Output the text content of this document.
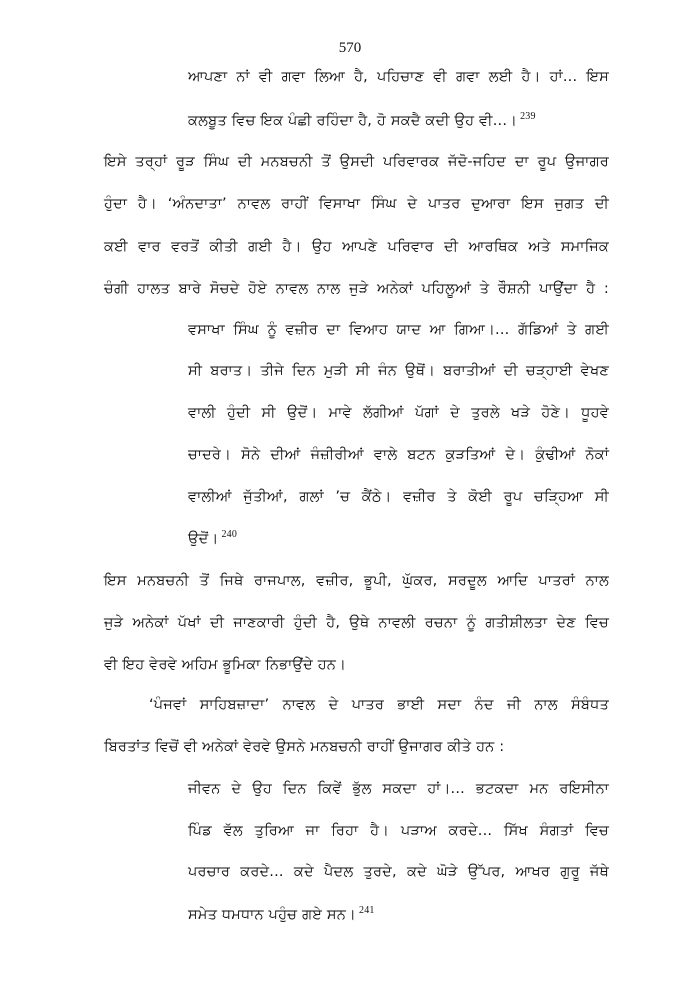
570
ਆਪਣਾ ਨਾਂ ਵੀ ਗਵਾ ਲਿਆ ਹੈ, ਪਹਿਚਾਣ ਵੀ ਗਵਾ ਲਈ ਹੈ। ਹਾਂ... ਇਸ
ਕਲਬੂਤ ਵਿਚ ਇਕ ਪੰਛੀ ਰਹਿੰਦਾ ਹੈ, ਹੋ ਸਕਦੈ ਕਦੀ ਉਹ ਵੀ...। $^{239}$
ਇਸੇ ਤਰ੍ਹਾਂ ਰੂੜ ਸਿੰਘ ਦੀ ਮਨਬਚਨੀ ਤੋਂ ਉਸਦੀ ਪਰਿਵਾਰਕ ਜੱਦੋ-ਜਹਿਦ ਦਾ ਰੂਪ ਉਜਾਗਰ
ਹੁੰਦਾ ਹੈ। ‘ਅੰਨਦਾਤਾ’ ਨਾਵਲ ਰਾਹੀਂ ਵਿਸਾਖਾ ਸਿੰਘ ਦੇ ਪਾਤਰ ਦੁਆਰਾ ਇਸ ਜੁਗਤ ਦੀ
ਕਈ ਵਾਰ ਵਰਤੋਂ ਕੀਤੀ ਗਈ ਹੈ। ਉਹ ਆਪਣੇ ਪਰਿਵਾਰ ਦੀ ਆਰਥਿਕ ਅਤੇ ਸਮਾਜਿਕ
ਚੰਗੀ ਹਾਲਤ ਬਾਰੇ ਸੋਚਦੇ ਹੋਏ ਨਾਵਲ ਨਾਲ ਜੁੜੇ ਅਨੇਕਾਂ ਪਹਿਲੂਆਂ ਤੇ ਰੌਸ਼ਨੀ ਪਾਉਂਦਾ ਹੈ :
ਵਸਾਖਾ ਸਿੰਘ ਨੂੰ ਵਜ਼ੀਰ ਦਾ ਵਿਆਹ ਯਾਦ ਆ ਗਿਆ।... ਗੱਡਿਆਂ ਤੇ ਗਈ
ਸੀ ਬਰਾਤ। ਤੀਜੇ ਦਿਨ ਮੁੜੀ ਸੀ ਜੰਨ ਉਥੋਂ। ਬਰਾਤੀਆਂ ਦੀ ਚੜ੍ਹਾਈ ਵੇਖਣ
ਵਾਲੀ ਹੁੰਦੀ ਸੀ ਉਦੋਂ। ਮਾਵੇ ਲੱਗੀਆਂ ਪੱਗਾਂ ਦੇ ਤੁਰਲੇ ਖੜੇ ਹੋਣੇ। ਧੂਹਵੇ
ਚਾਦਰੇ। ਸੋਨੇ ਦੀਆਂ ਜੰਜ਼ੀਰੀਆਂ ਵਾਲੇ ਬਟਨ ਕੁੜਤਿਆਂ ਦੇ। ਕੁੰਢੀਆਂ ਨੋਕਾਂ
ਵਾਲੀਆਂ ਜੁੱਤੀਆਂ, ਗਲਾਂ ’ਚ ਕੈਂਠੇ। ਵਜ਼ੀਰ ਤੇ ਕੋਈ ਰੂਪ ਚੜ੍ਹਿਆ ਸੀ
ਉਦੋਂ। $^{240}$
ਇਸ ਮਨਬਚਨੀ ਤੋਂ ਜਿਥੇ ਰਾਜਪਾਲ, ਵਜ਼ੀਰ, ਭੂਪੀ, ਘੁੱਕਰ, ਸਰਦੂਲ ਆਦਿ ਪਾਤਰਾਂ ਨਾਲ
ਜੁੜੇ ਅਨੇਕਾਂ ਪੱਖਾਂ ਦੀ ਜਾਣਕਾਰੀ ਹੁੰਦੀ ਹੈ, ਉਥੇ ਨਾਵਲੀ ਰਚਨਾ ਨੂੰ ਗਤੀਸ਼ੀਲਤਾ ਦੇਣ ਵਿਚ
ਵੀ ਇਹ ਵੇਰਵੇ ਅਹਿਮ ਭੂਮਿਕਾ ਨਿਭਾਉਂਦੇ ਹਨ।
‘ਪੰਜਵਾਂ ਸਾਹਿਬਜ਼ਾਦਾ’ ਨਾਵਲ ਦੇ ਪਾਤਰ ਭਾਈ ਸਦਾ ਨੰਦ ਜੀ ਨਾਲ ਸੰਬੰਧਤ
ਬਿਰਤਾਂਤ ਵਿਚੋਂ ਵੀ ਅਨੇਕਾਂ ਵੇਰਵੇ ਉਸਨੇ ਮਨਬਚਨੀ ਰਾਹੀਂ ਉਜਾਗਰ ਕੀਤੇ ਹਨ :
ਜੀਵਨ ਦੇ ਉਹ ਦਿਨ ਕਿਵੇਂ ਭੁੱਲ ਸਕਦਾ ਹਾਂ।... ਭਟਕਦਾ ਮਨ ਰਇਸੀਨਾ
ਪਿੰਡ ਵੱਲ ਤੁਰਿਆ ਜਾ ਰਿਹਾ ਹੈ। ਪੜਾਅ ਕਰਦੇ... ਸਿੱਖ ਸੰਗਤਾਂ ਵਿਚ
ਪਰਚਾਰ ਕਰਦੇ... ਕਦੇ ਪੈਦਲ ਤੁਰਦੇ, ਕਦੇ ਘੋੜੇ ਉੱਪਰ, ਆਖਰ ਗੁਰੂ ਜੱਥੇ
ਸਮੇਤ ਧਮਧਾਨ ਪਹੁੰਚ ਗਏ ਸਨ। $^{241}$
